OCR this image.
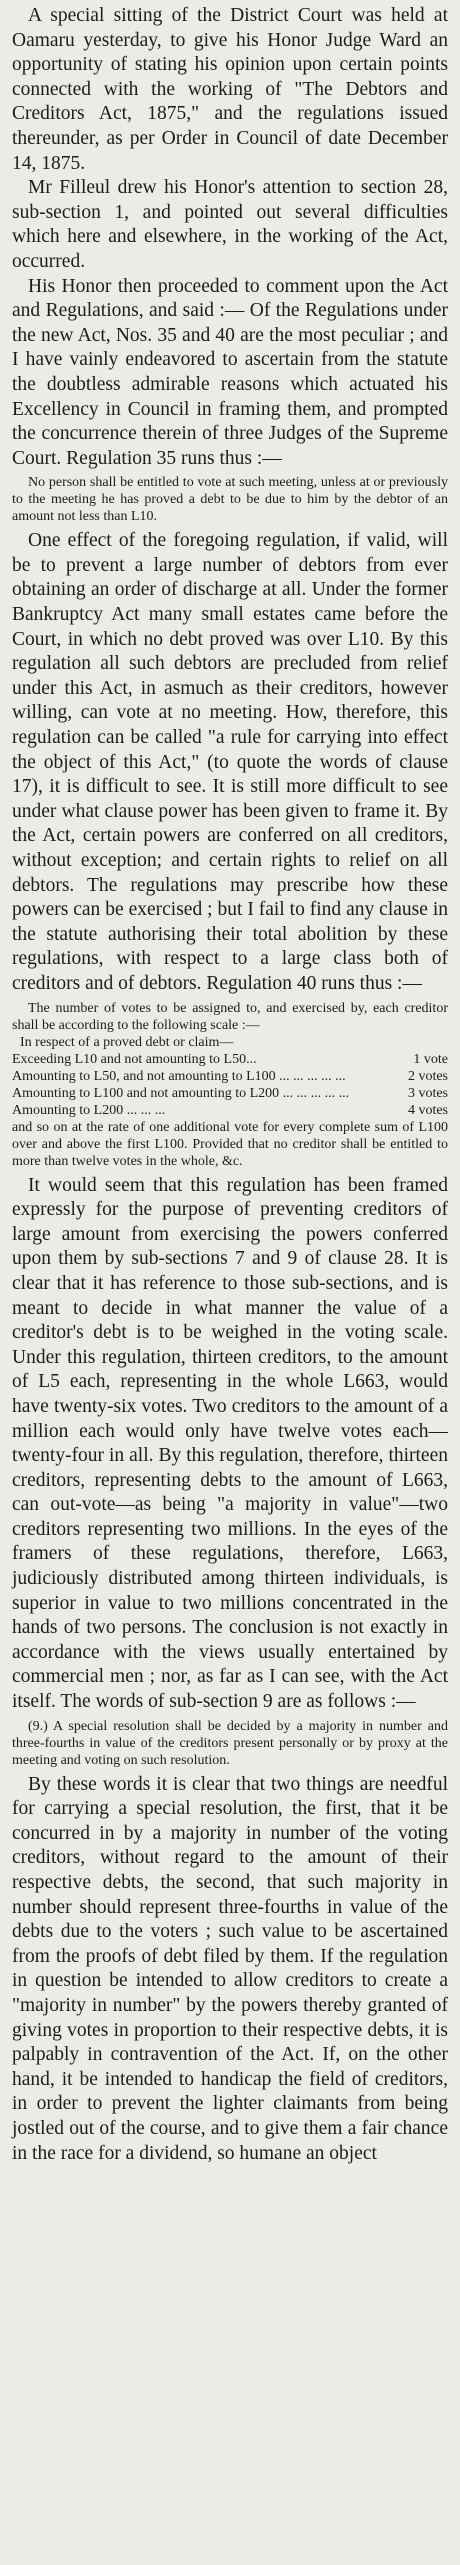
A special sitting of the District Court was held at Oamaru yesterday, to give his Honor Judge Ward an opportunity of stating his opinion upon certain points connected with the working of "The Debtors and Creditors Act, 1875," and the regulations issued thereunder, as per Order in Council of date December 14, 1875.

Mr Filleul drew his Honor's attention to section 28, sub-section 1, and pointed out several difficulties which here and elsewhere, in the working of the Act, occurred.

His Honor then proceeded to comment upon the Act and Regulations, and said :— Of the Regulations under the new Act, Nos. 35 and 40 are the most peculiar ; and I have vainly endeavored to ascertain from the statute the doubtless admirable reasons which actuated his Excellency in Council in framing them, and prompted the concurrence therein of three Judges of the Supreme Court. Regulation 35 runs thus :—

No person shall be entitled to vote at such meeting, unless at or previously to the meeting he has proved a debt to be due to him by the debtor of an amount not less than L10.

One effect of the foregoing regulation, if valid, will be to prevent a large number of debtors from ever obtaining an order of discharge at all. Under the former Bankruptcy Act many small estates came before the Court, in which no debt proved was over L10. By this regulation all such debtors are precluded from relief under this Act, in asmuch as their creditors, however willing, can vote at no meeting. How, therefore, this regulation can be called "a rule for carrying into effect the object of this Act," (to quote the words of clause 17), it is difficult to see. It is still more difficult to see under what clause power has been given to frame it. By the Act, certain powers are conferred on all creditors, without exception; and certain rights to relief on all debtors. The regulations may prescribe how these powers can be exercised ; but I fail to find any clause in the statute authorising their total abolition by these regulations, with respect to a large class both of creditors and of debtors. Regulation 40 runs thus :—

The number of votes to be assigned to, and exercised by, each creditor shall be according to the following scale :—
In respect of a proved debt or claim—
Exceeding L10 and not amounting to L50...	1 vote
Amounting to L50, and not amounting to L100 ... ... ... ... ...	2 votes
Amounting to L100 and not amounting to L200 ... ... ... ... ...	3 votes
Amounting to L200 ... ... ...	4 votes
and so on at the rate of one additional vote for every complete sum of L100 over and above the first L100. Provided that no creditor shall be entitled to more than twelve votes in the whole, &c.

It would seem that this regulation has been framed expressly for the purpose of preventing creditors of large amount from exercising the powers conferred upon them by sub-sections 7 and 9 of clause 28. It is clear that it has reference to those sub-sections, and is meant to decide in what manner the value of a creditor's debt is to be weighed in the voting scale. Under this regulation, thirteen creditors, to the amount of L5 each, representing in the whole L663, would have twenty-six votes. Two creditors to the amount of a million each would only have twelve votes each—twenty-four in all. By this regulation, therefore, thirteen creditors, representing debts to the amount of L663, can out-vote—as being "a majority in value"—two creditors representing two millions. In the eyes of the framers of these regulations, therefore, L663, judiciously distributed among thirteen individuals, is superior in value to two millions concentrated in the hands of two persons. The conclusion is not exactly in accordance with the views usually entertained by commercial men ; nor, as far as I can see, with the Act itself. The words of sub-section 9 are as follows :—

(9.) A special resolution shall be decided by a majority in number and three-fourths in value of the creditors present personally or by proxy at the meeting and voting on such resolution.

By these words it is clear that two things are needful for carrying a special resolution, the first, that it be concurred in by a majority in number of the voting creditors, without regard to the amount of their respective debts, the second, that such majority in number should represent three-fourths in value of the debts due to the voters ; such value to be ascertained from the proofs of debt filed by them. If the regulation in question be intended to allow creditors to create a "majority in number" by the powers thereby granted of giving votes in proportion to their respective debts, it is palpably in contravention of the Act. If, on the other hand, it be intended to handicap the field of creditors, in order to prevent the lighter claimants from being jostled out of the course, and to give them a fair chance in the race for a dividend, so humane an object
